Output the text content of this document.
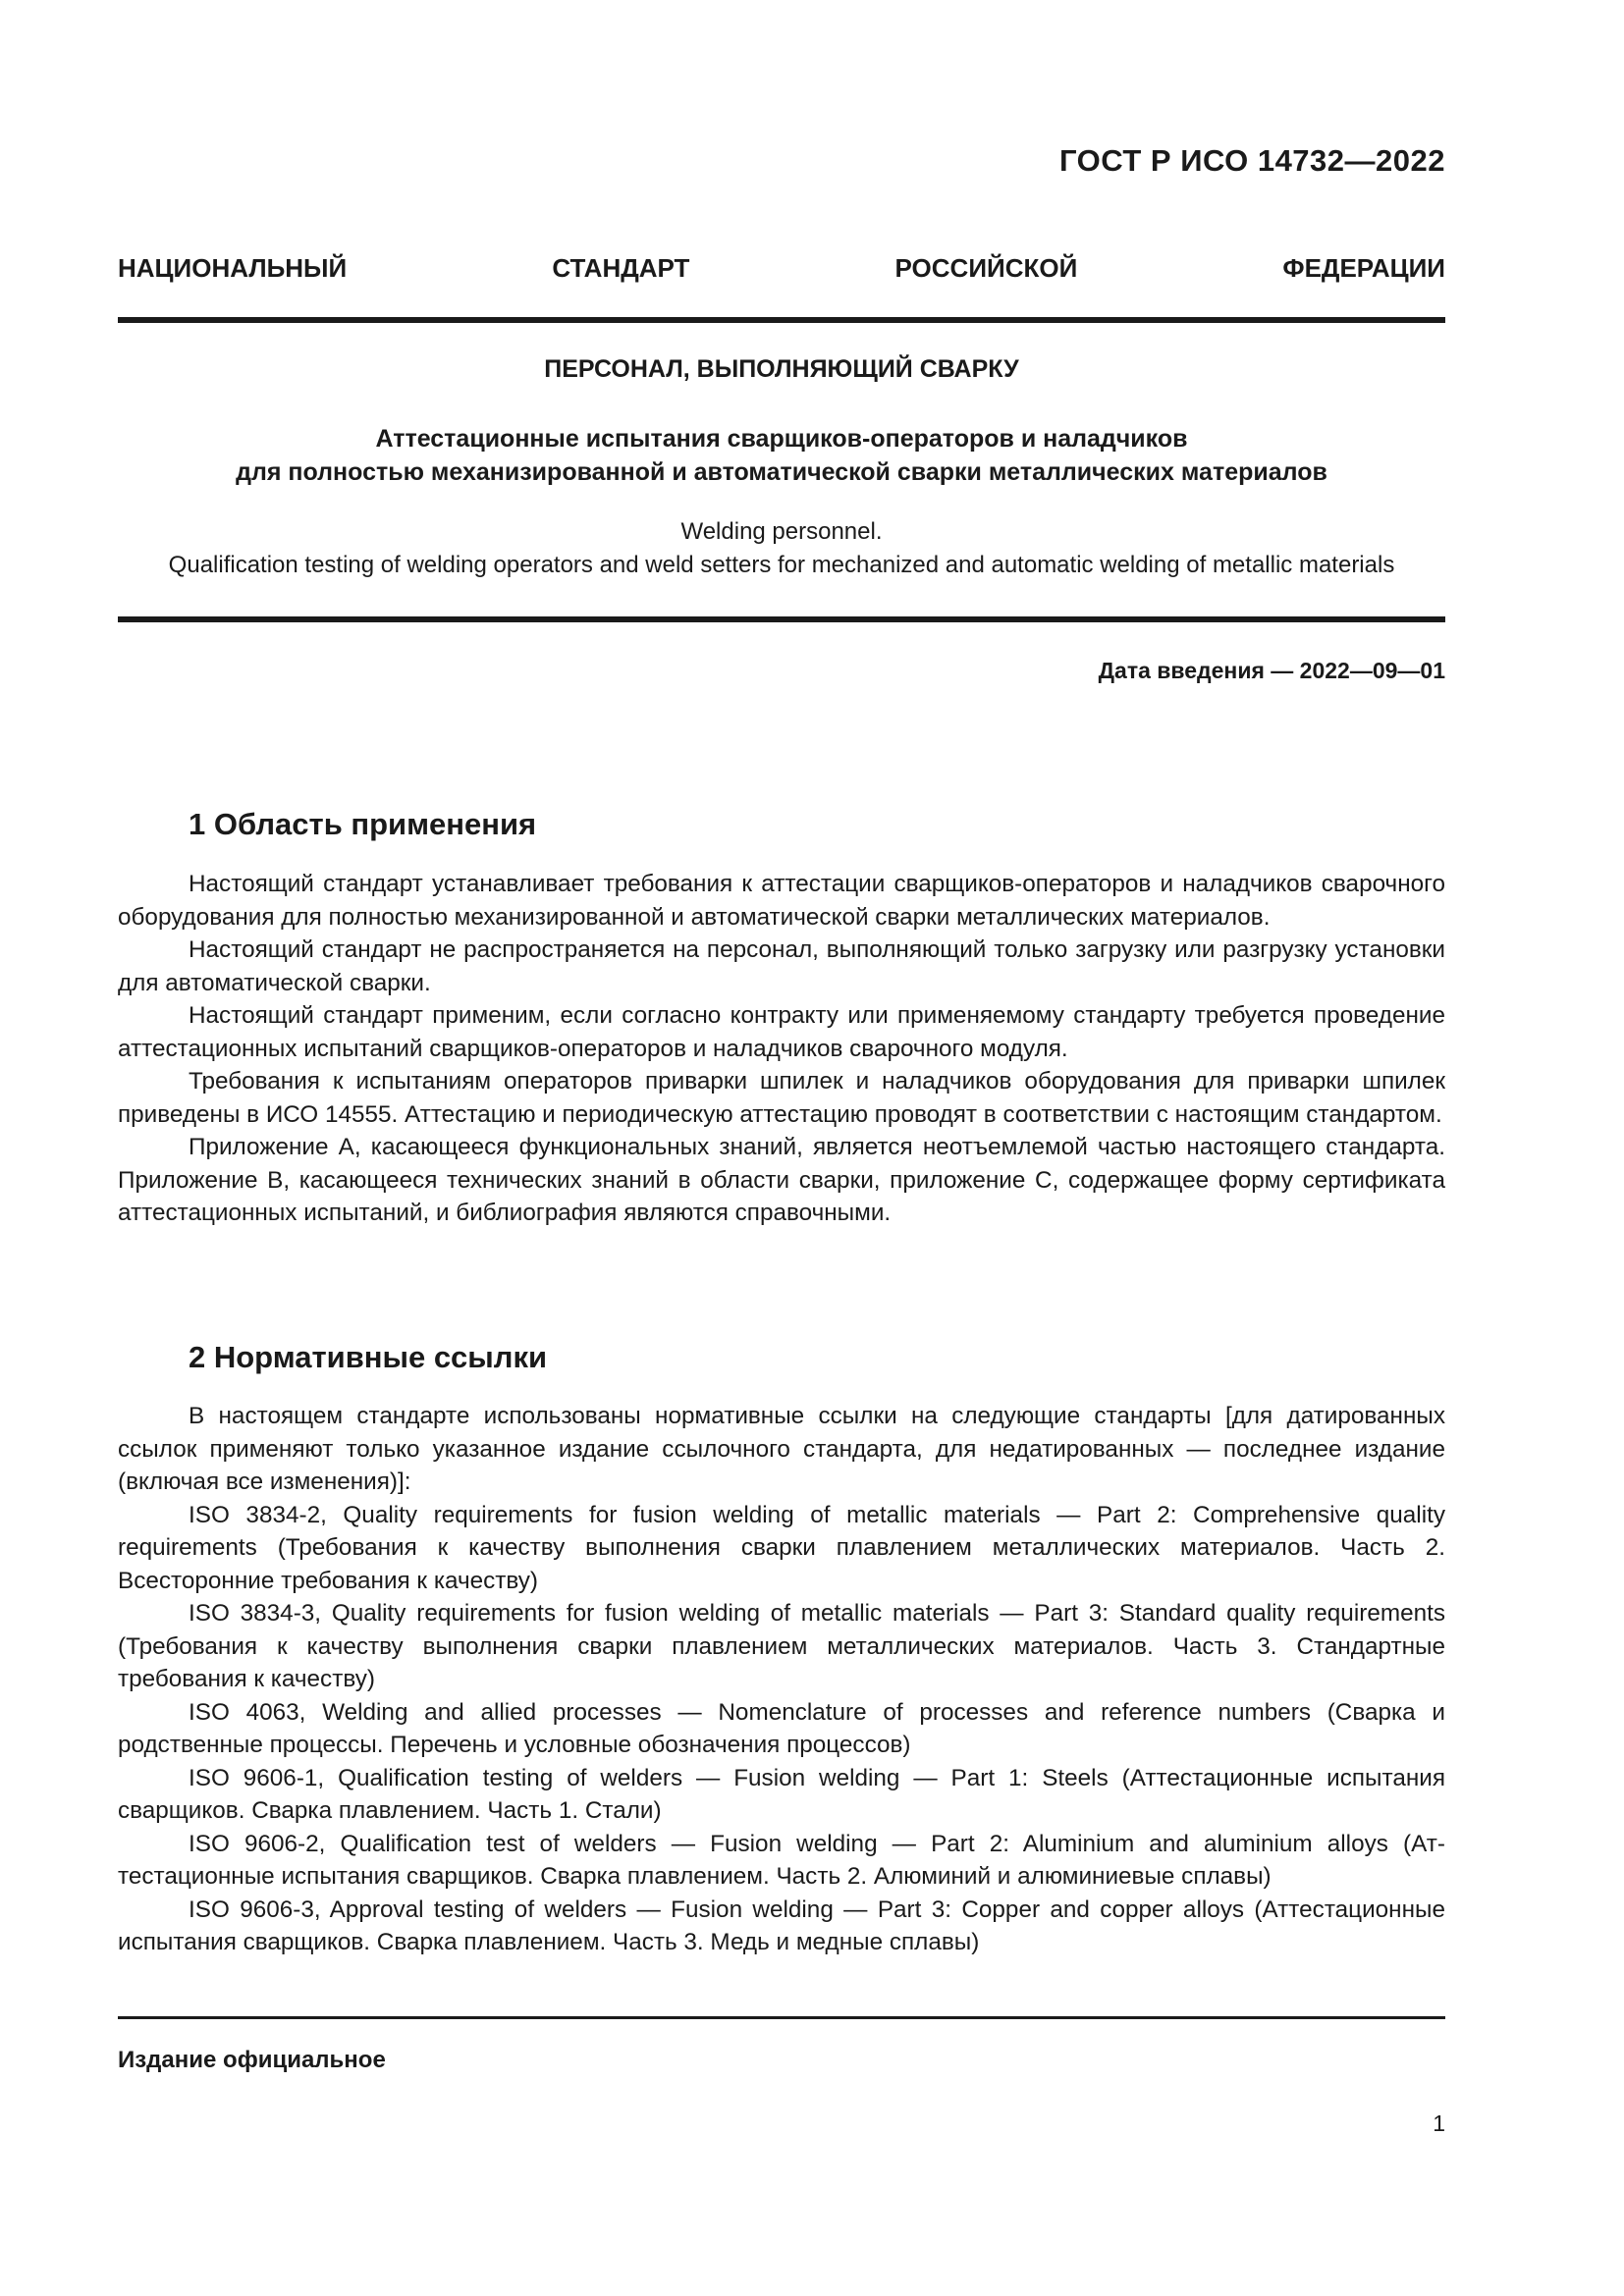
ГОСТ Р ИСО 14732—2022
НАЦИОНАЛЬНЫЙ	СТАНДАРТ	РОССИЙСКОЙ	ФЕДЕРАЦИИ
ПЕРСОНАЛ, ВЫПОЛНЯЮЩИЙ СВАРКУ
Аттестационные испытания сварщиков-операторов и наладчиков
для полностью механизированной и автоматической сварки металлических материалов
Welding personnel.
Qualification testing of welding operators and weld setters for mechanized and automatic welding of metallic materials
Дата введения — 2022—09—01
1 Область применения

Настоящий стандарт устанавливает требования к аттестации сварщиков-операторов и наладчиков сварочного оборудования для полностью механизированной и автоматической сварки металлических материалов.

Настоящий стандарт не распространяется на персонал, выполняющий только загрузку или разгрузку установки для автоматической сварки.

Настоящий стандарт применим, если согласно контракту или применяемому стандарту требуется проведение аттестационных испытаний сварщиков-операторов и наладчиков сварочного модуля.

Требования к испытаниям операторов приварки шпилек и наладчиков оборудования для приварки шпилек приведены в ИСО 14555. Аттестацию и периодическую аттестацию проводят в соответствии с настоящим стандартом.

Приложение А, касающееся функциональных знаний, является неотъемлемой частью настоящего стандарта. Приложение В, касающееся технических знаний в области сварки, приложение С, содержащее форму сертификата аттестационных испытаний, и библиография являются справочными.

2 Нормативные ссылки

В настоящем стандарте использованы нормативные ссылки на следующие стандарты [для датированных ссылок применяют только указанное издание ссылочного стандарта, для недатированных — последнее издание (включая все изменения)]:

ISO 3834-2, Quality requirements for fusion welding of metallic materials — Part 2: Comprehensive quality requirements (Требования к качеству выполнения сварки плавлением металлических материалов. Часть 2. Всесторонние требования к качеству)

ISO 3834-3, Quality requirements for fusion welding of metallic materials — Part 3: Standard quality requirements (Требования к качеству выполнения сварки плавлением металлических материалов. Часть 3. Стандартные требования к качеству)

ISO 4063, Welding and allied processes — Nomenclature of processes and reference numbers (Сварка и родственные процессы. Перечень и условные обозначения процессов)

ISO 9606-1, Qualification testing of welders — Fusion welding — Part 1: Steels (Аттестационные испытания сварщиков. Сварка плавлением. Часть 1. Стали)

ISO 9606-2, Qualification test of welders — Fusion welding — Part 2: Aluminium and aluminium alloys (Аттестационные испытания сварщиков. Сварка плавлением. Часть 2. Алюминий и алюминиевые сплавы)

ISO 9606-3, Approval testing of welders — Fusion welding — Part 3: Copper and copper alloys (Аттестационные испытания сварщиков. Сварка плавлением. Часть 3. Медь и медные сплавы)

Издание официальное
1
